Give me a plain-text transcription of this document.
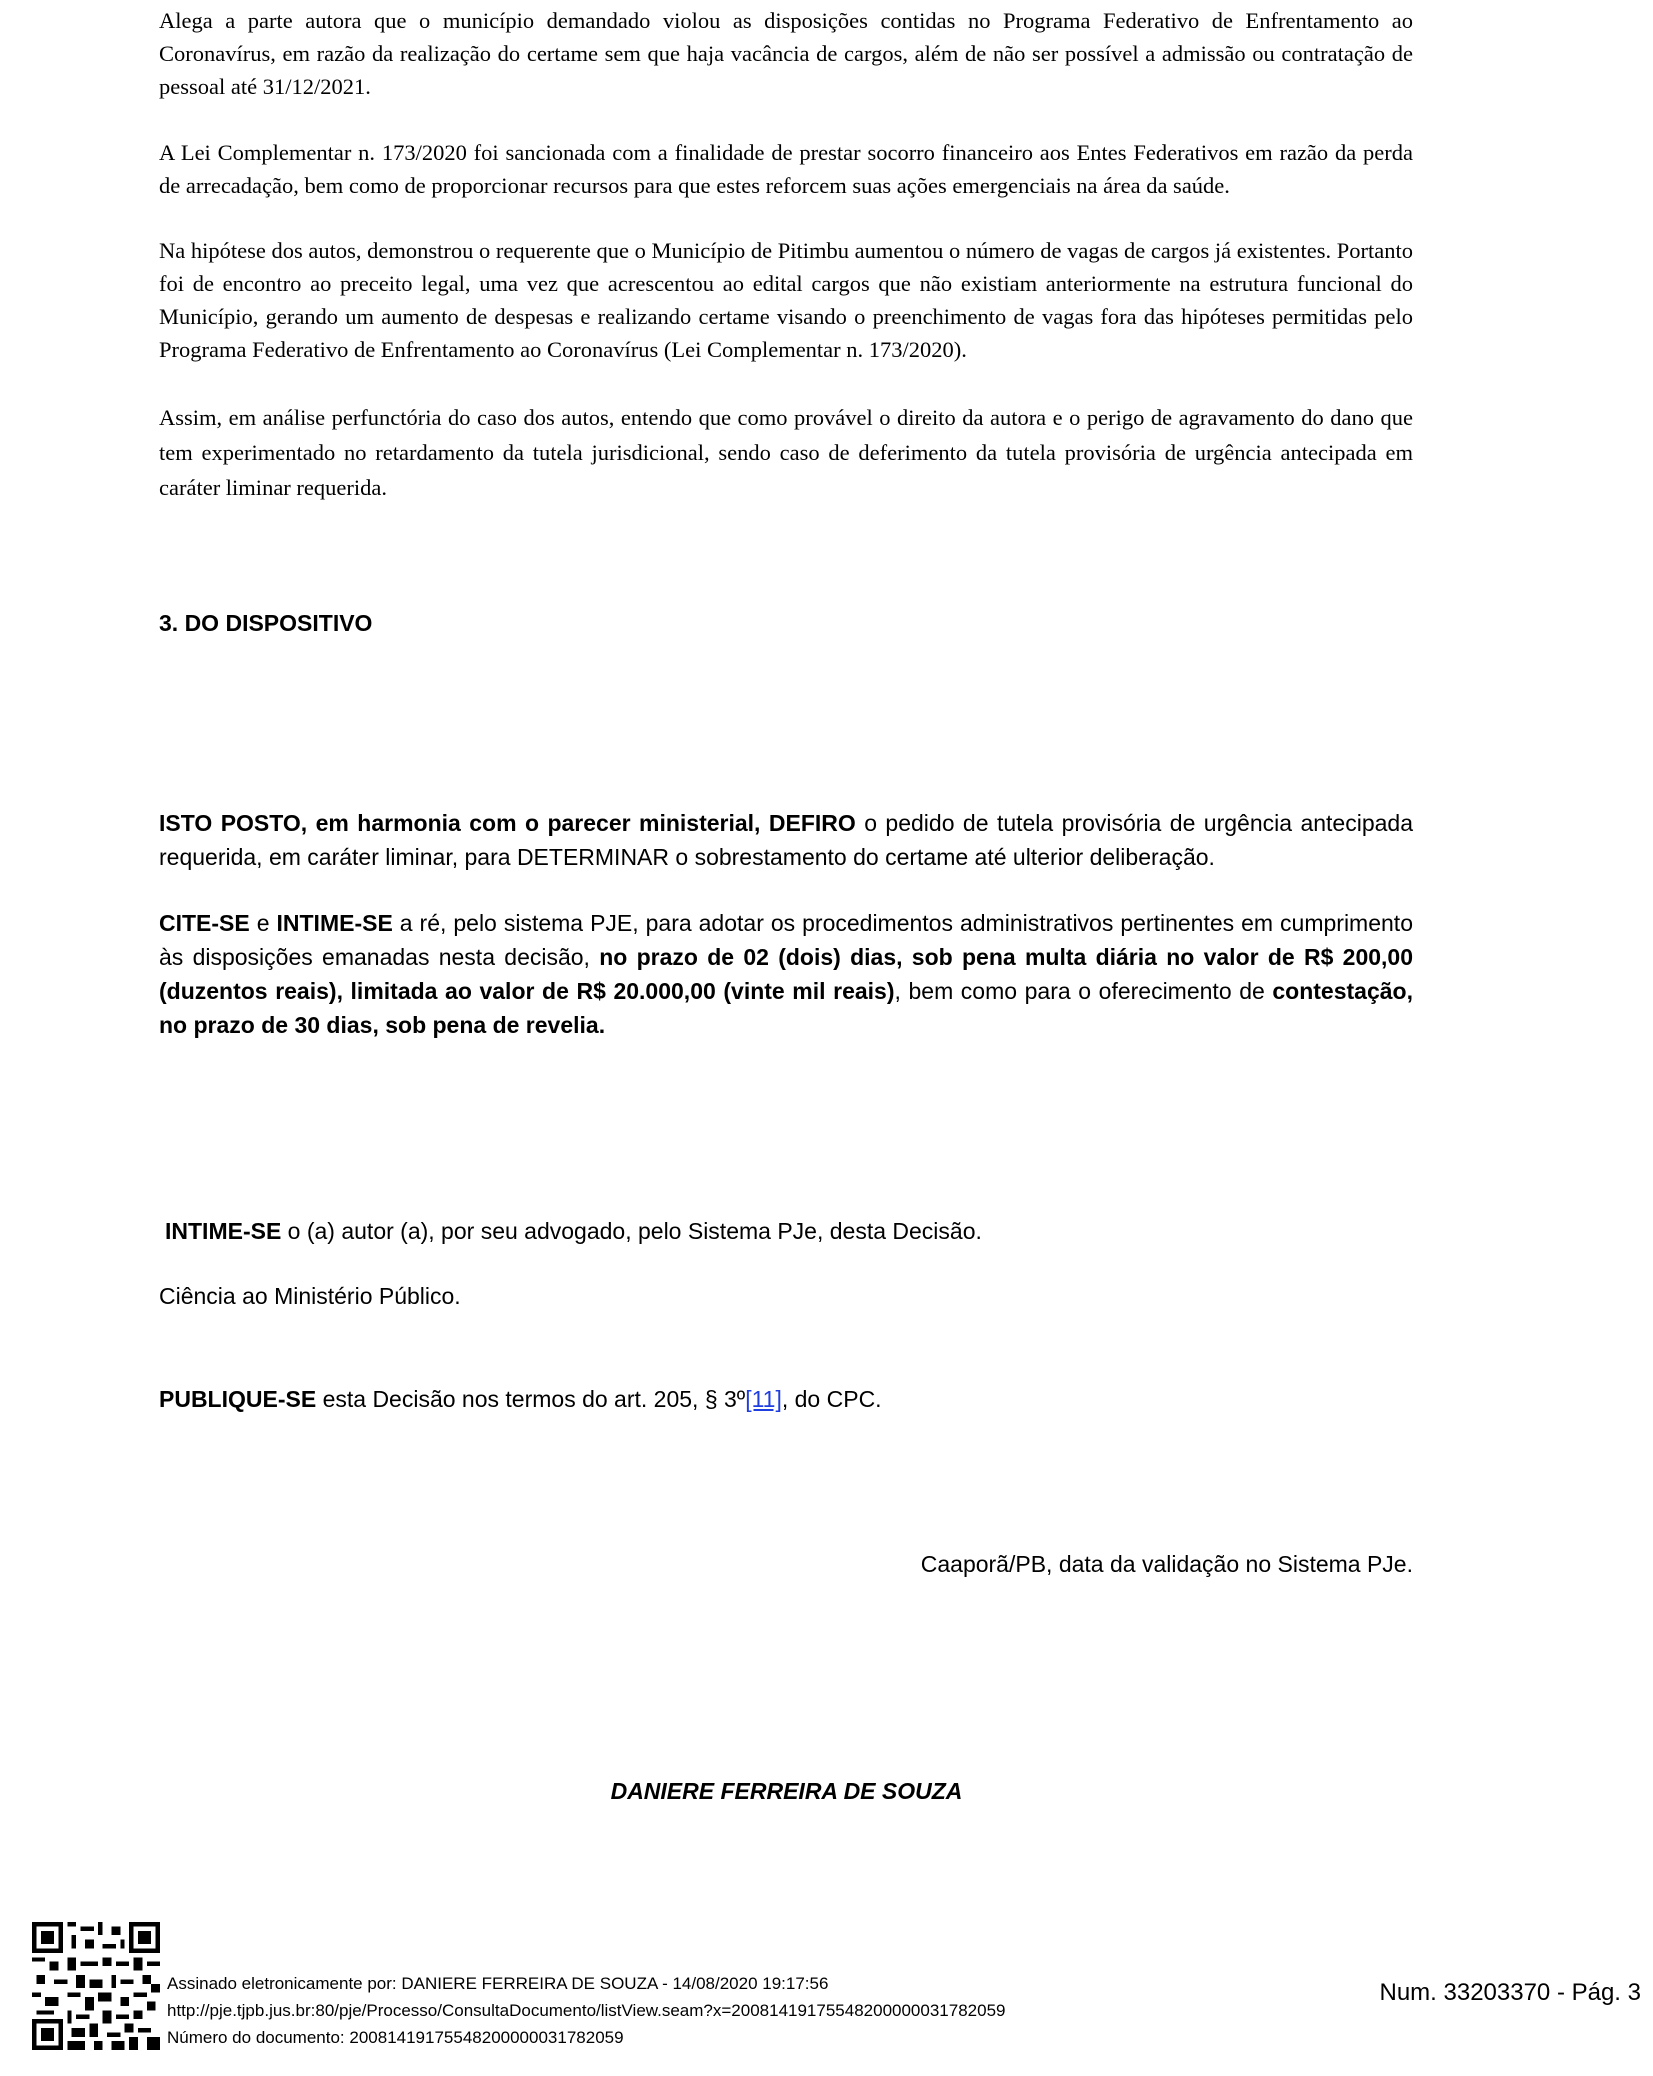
Alega a parte autora que o município demandado violou as disposições contidas no Programa Federativo de Enfrentamento ao Coronavírus, em razão da realização do certame sem que haja vacância de cargos, além de não ser possível a admissão ou contratação de pessoal até 31/12/2021.

A Lei Complementar n. 173/2020 foi sancionada com a finalidade de prestar socorro financeiro aos Entes Federativos em razão da perda de arrecadação, bem como de proporcionar recursos para que estes reforcem suas ações emergenciais na área da saúde.

Na hipótese dos autos, demonstrou o requerente que o Município de Pitimbu aumentou o número de vagas de cargos já existentes. Portanto foi de encontro ao preceito legal, uma vez que acrescentou ao edital cargos que não existiam anteriormente na estrutura funcional do Município, gerando um aumento de despesas e realizando certame visando o preenchimento de vagas fora das hipóteses permitidas pelo Programa Federativo de Enfrentamento ao Coronavírus (Lei Complementar n. 173/2020).

Assim, em análise perfunctória do caso dos autos, entendo que como provável o direito da autora e o perigo de agravamento do dano que tem experimentado no retardamento da tutela jurisdicional, sendo caso de deferimento da tutela provisória de urgência antecipada em caráter liminar requerida.

3. DO DISPOSITIVO

ISTO POSTO, em harmonia com o parecer ministerial, DEFIRO o pedido de tutela provisória de urgência antecipada requerida, em caráter liminar, para DETERMINAR o sobrestamento do certame até ulterior deliberação.

CITE-SE e INTIME-SE a ré, pelo sistema PJE, para adotar os procedimentos administrativos pertinentes em cumprimento às disposições emanadas nesta decisão, no prazo de 02 (dois) dias, sob pena multa diária no valor de R$ 200,00 (duzentos reais), limitada ao valor de R$ 20.000,00 (vinte mil reais), bem como para o oferecimento de contestação, no prazo de 30 dias, sob pena de revelia.

INTIME-SE o (a) autor (a), por seu advogado, pelo Sistema PJe, desta Decisão.

Ciência ao Ministério Público.

PUBLIQUE-SE esta Decisão nos termos do art. 205, § 3º[11], do CPC.

Caaporã/PB, data da validação no Sistema PJe.

DANIERE FERREIRA DE SOUZA
Assinado eletronicamente por: DANIERE FERREIRA DE SOUZA - 14/08/2020 19:17:56
http://pje.tjpb.jus.br:80/pje/Processo/ConsultaDocumento/listView.seam?x=20081419175548200000031782059
Número do documento: 20081419175548200000031782059
Num. 33203370 - Pág. 3
